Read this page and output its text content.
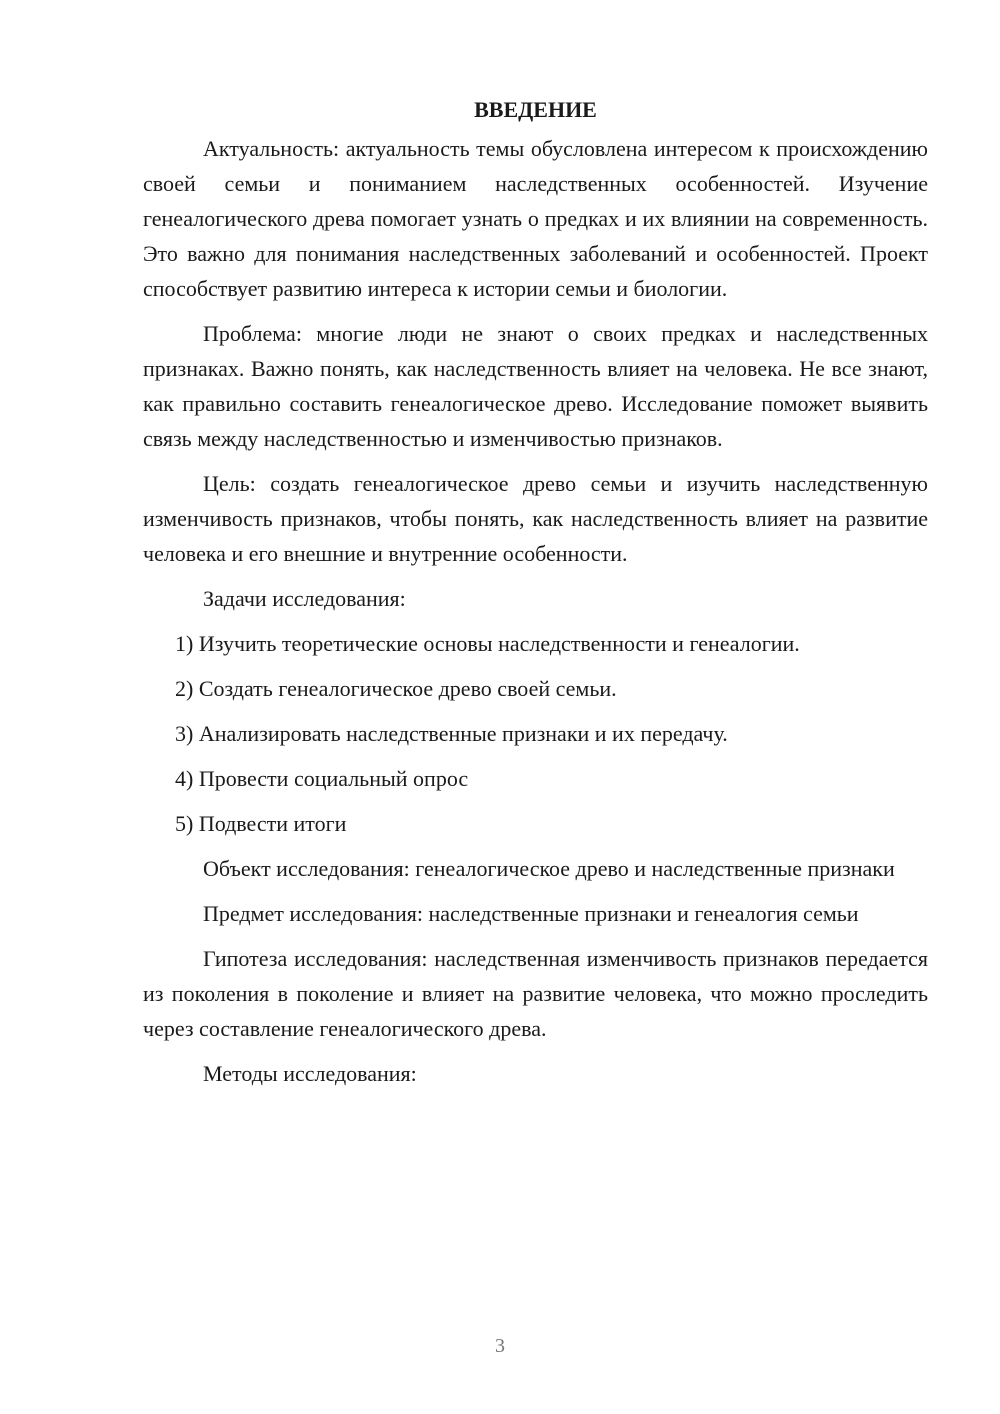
ВВЕДЕНИЕ

Актуальность: актуальность темы обусловлена интересом к происхождению своей семьи и пониманием наследственных особенностей. Изучение генеалогического древа помогает узнать о предках и их влиянии на современность. Это важно для понимания наследственных заболеваний и особенностей. Проект способствует развитию интереса к истории семьи и биологии.

Проблема: многие люди не знают о своих предках и наследственных признаках. Важно понять, как наследственность влияет на человека. Не все знают, как правильно составить генеалогическое древо. Исследование поможет выявить связь между наследственностью и изменчивостью признаков.

Цель: создать генеалогическое древо семьи и изучить наследственную изменчивость признаков, чтобы понять, как наследственность влияет на развитие человека и его внешние и внутренние особенности.

Задачи исследования:

1) Изучить теоретические основы наследственности и генеалогии.
2) Создать генеалогическое древо своей семьи.
3) Анализировать наследственные признаки и их передачу.
4) Провести социальный опрос
5) Подвести итоги

Объект исследования: генеалогическое древо и наследственные признаки

Предмет исследования: наследственные признаки и генеалогия семьи

Гипотеза исследования: наследственная изменчивость признаков передается из поколения в поколение и влияет на развитие человека, что можно проследить через составление генеалогического древа.

Методы исследования:

3
